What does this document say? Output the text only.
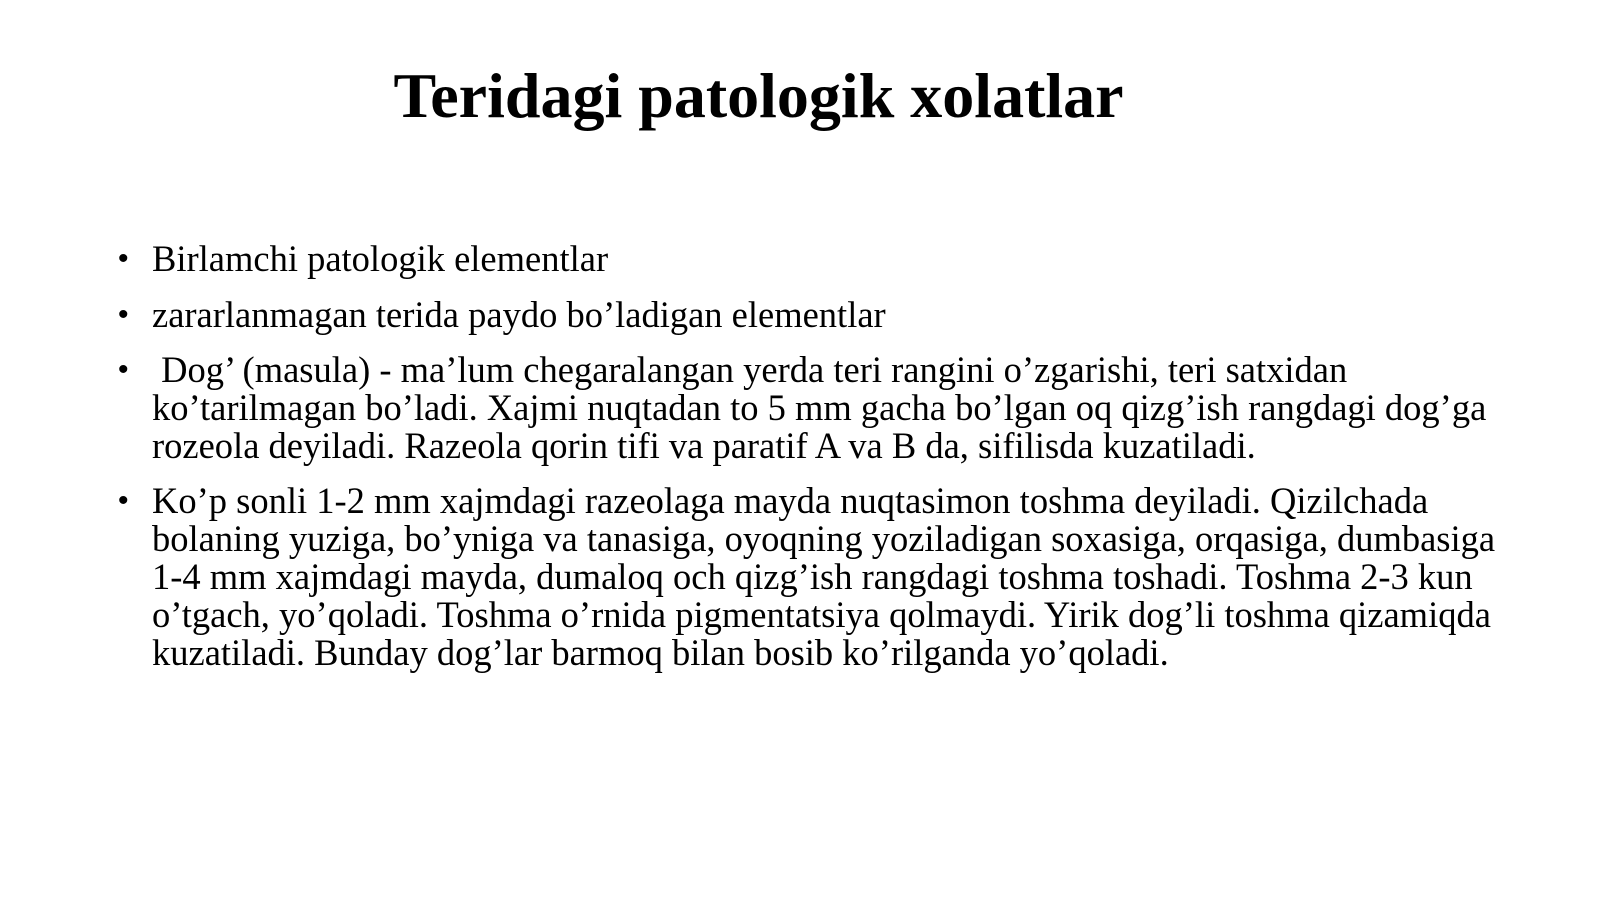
Teridagi patologik xolatlar
• Birlamchi patologik elementlar
• zararlanmagan terida paydo bo’ladigan elementlar
• Dog’ (masula) - ma’lum chegaralangan yerda teri rangini o’zgarishi, teri satxidan ko’tarilmagan bo’ladi. Xajmi nuqtadan to 5 mm gacha bo’lgan oq qizg’ish rangdagi dog’ga rozeola deyiladi. Razeola qorin tifi va paratif A va B da, sifilisda kuzatiladi.
• Ko’p sonli 1-2 mm xajmdagi razeolaga mayda nuqtasimon toshma deyiladi. Qizilchada bolaning yuziga, bo’yniga va tanasiga, oyoqning yoziladigan soxasiga, orqasiga, dumbasiga 1-4 mm xajmdagi mayda, dumaloq och qizg’ish rangdagi toshma toshadi. Toshma 2-3 kun o’tgach, yo’qoladi. Toshma o’rnida pigmentatsiya qolmaydi. Yirik dog’li toshma qizamiqda kuzatiladi. Bunday dog’lar barmoq bilan bosib ko’rilganda yo’qoladi.
